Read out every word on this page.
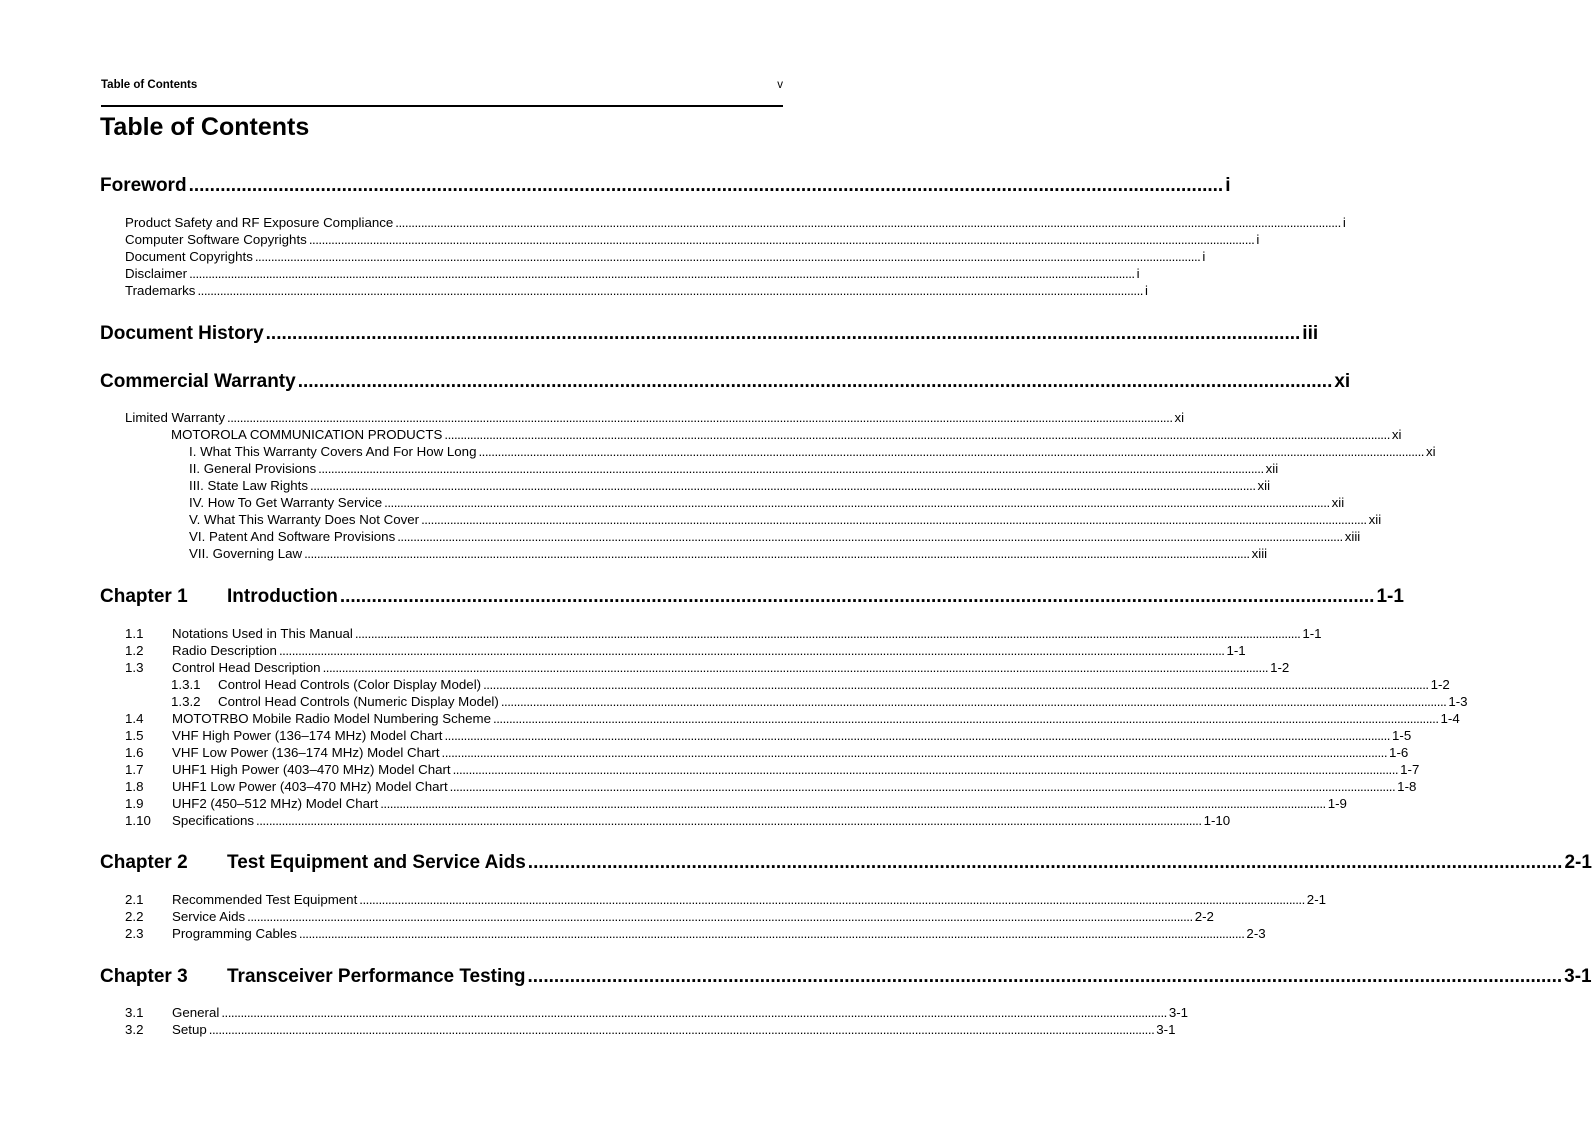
Table of Contents	v
Table of Contents
Foreword .................................................................................................................................................................................................... i
Product Safety and RF Exposure Compliance ........................................................................................................................................................................................................................................................................................................ i
Computer Software Copyrights ........................................................................................................................................................................................................................................................................................................ i
Document Copyrights ........................................................................................................................................................................................................................................................................................................ i
Disclaimer ........................................................................................................................................................................................................................................................................................................ i
Trademarks ........................................................................................................................................................................................................................................................................................................ i
Document History .................................................................................................................................................................................................... iii
Commercial Warranty .................................................................................................................................................................................................... xi
Limited Warranty ........................................................................................................................................................................................................................................................................................................ xi
MOTOROLA COMMUNICATION PRODUCTS ........................................................................................................................................................................................................................................................................................................ xi
I. What This Warranty Covers And For How Long ........................................................................................................................................................................................................................................................................................................ xi
II. General Provisions ........................................................................................................................................................................................................................................................................................................ xii
III. State Law Rights ........................................................................................................................................................................................................................................................................................................ xii
IV. How To Get Warranty Service ........................................................................................................................................................................................................................................................................................................ xii
V. What This Warranty Does Not Cover ........................................................................................................................................................................................................................................................................................................ xii
VI. Patent And Software Provisions ........................................................................................................................................................................................................................................................................................................ xiii
VII. Governing Law ........................................................................................................................................................................................................................................................................................................ xiii
Chapter 1 Introduction .................................................................................................................................................................................................... 1-1
1.1 Notations Used in This Manual ........................................................................................................................................................................................................................................................................................................ 1-1
1.2 Radio Description ........................................................................................................................................................................................................................................................................................................ 1-1
1.3 Control Head Description ........................................................................................................................................................................................................................................................................................................ 1-2
1.3.1 Control Head Controls (Color Display Model) ........................................................................................................................................................................................................................................................................................................ 1-2
1.3.2 Control Head Controls (Numeric Display Model) ........................................................................................................................................................................................................................................................................................................ 1-3
1.4 MOTOTRBO Mobile Radio Model Numbering Scheme ........................................................................................................................................................................................................................................................................................................ 1-4
1.5 VHF High Power (136–174 MHz) Model Chart ........................................................................................................................................................................................................................................................................................................ 1-5
1.6 VHF Low Power (136–174 MHz) Model Chart ........................................................................................................................................................................................................................................................................................................ 1-6
1.7 UHF1 High Power (403–470 MHz) Model Chart ........................................................................................................................................................................................................................................................................................................ 1-7
1.8 UHF1 Low Power (403–470 MHz) Model Chart ........................................................................................................................................................................................................................................................................................................ 1-8
1.9 UHF2 (450–512 MHz) Model Chart ........................................................................................................................................................................................................................................................................................................ 1-9
1.10 Specifications ........................................................................................................................................................................................................................................................................................................ 1-10
Chapter 2 Test Equipment and Service Aids .................................................................................................................................................................................................... 2-1
2.1 Recommended Test Equipment ........................................................................................................................................................................................................................................................................................................ 2-1
2.2 Service Aids ........................................................................................................................................................................................................................................................................................................ 2-2
2.3 Programming Cables ........................................................................................................................................................................................................................................................................................................ 2-3
Chapter 3 Transceiver Performance Testing .................................................................................................................................................................................................... 3-1
3.1 General ........................................................................................................................................................................................................................................................................................................ 3-1
3.2 Setup ........................................................................................................................................................................................................................................................................................................ 3-1
